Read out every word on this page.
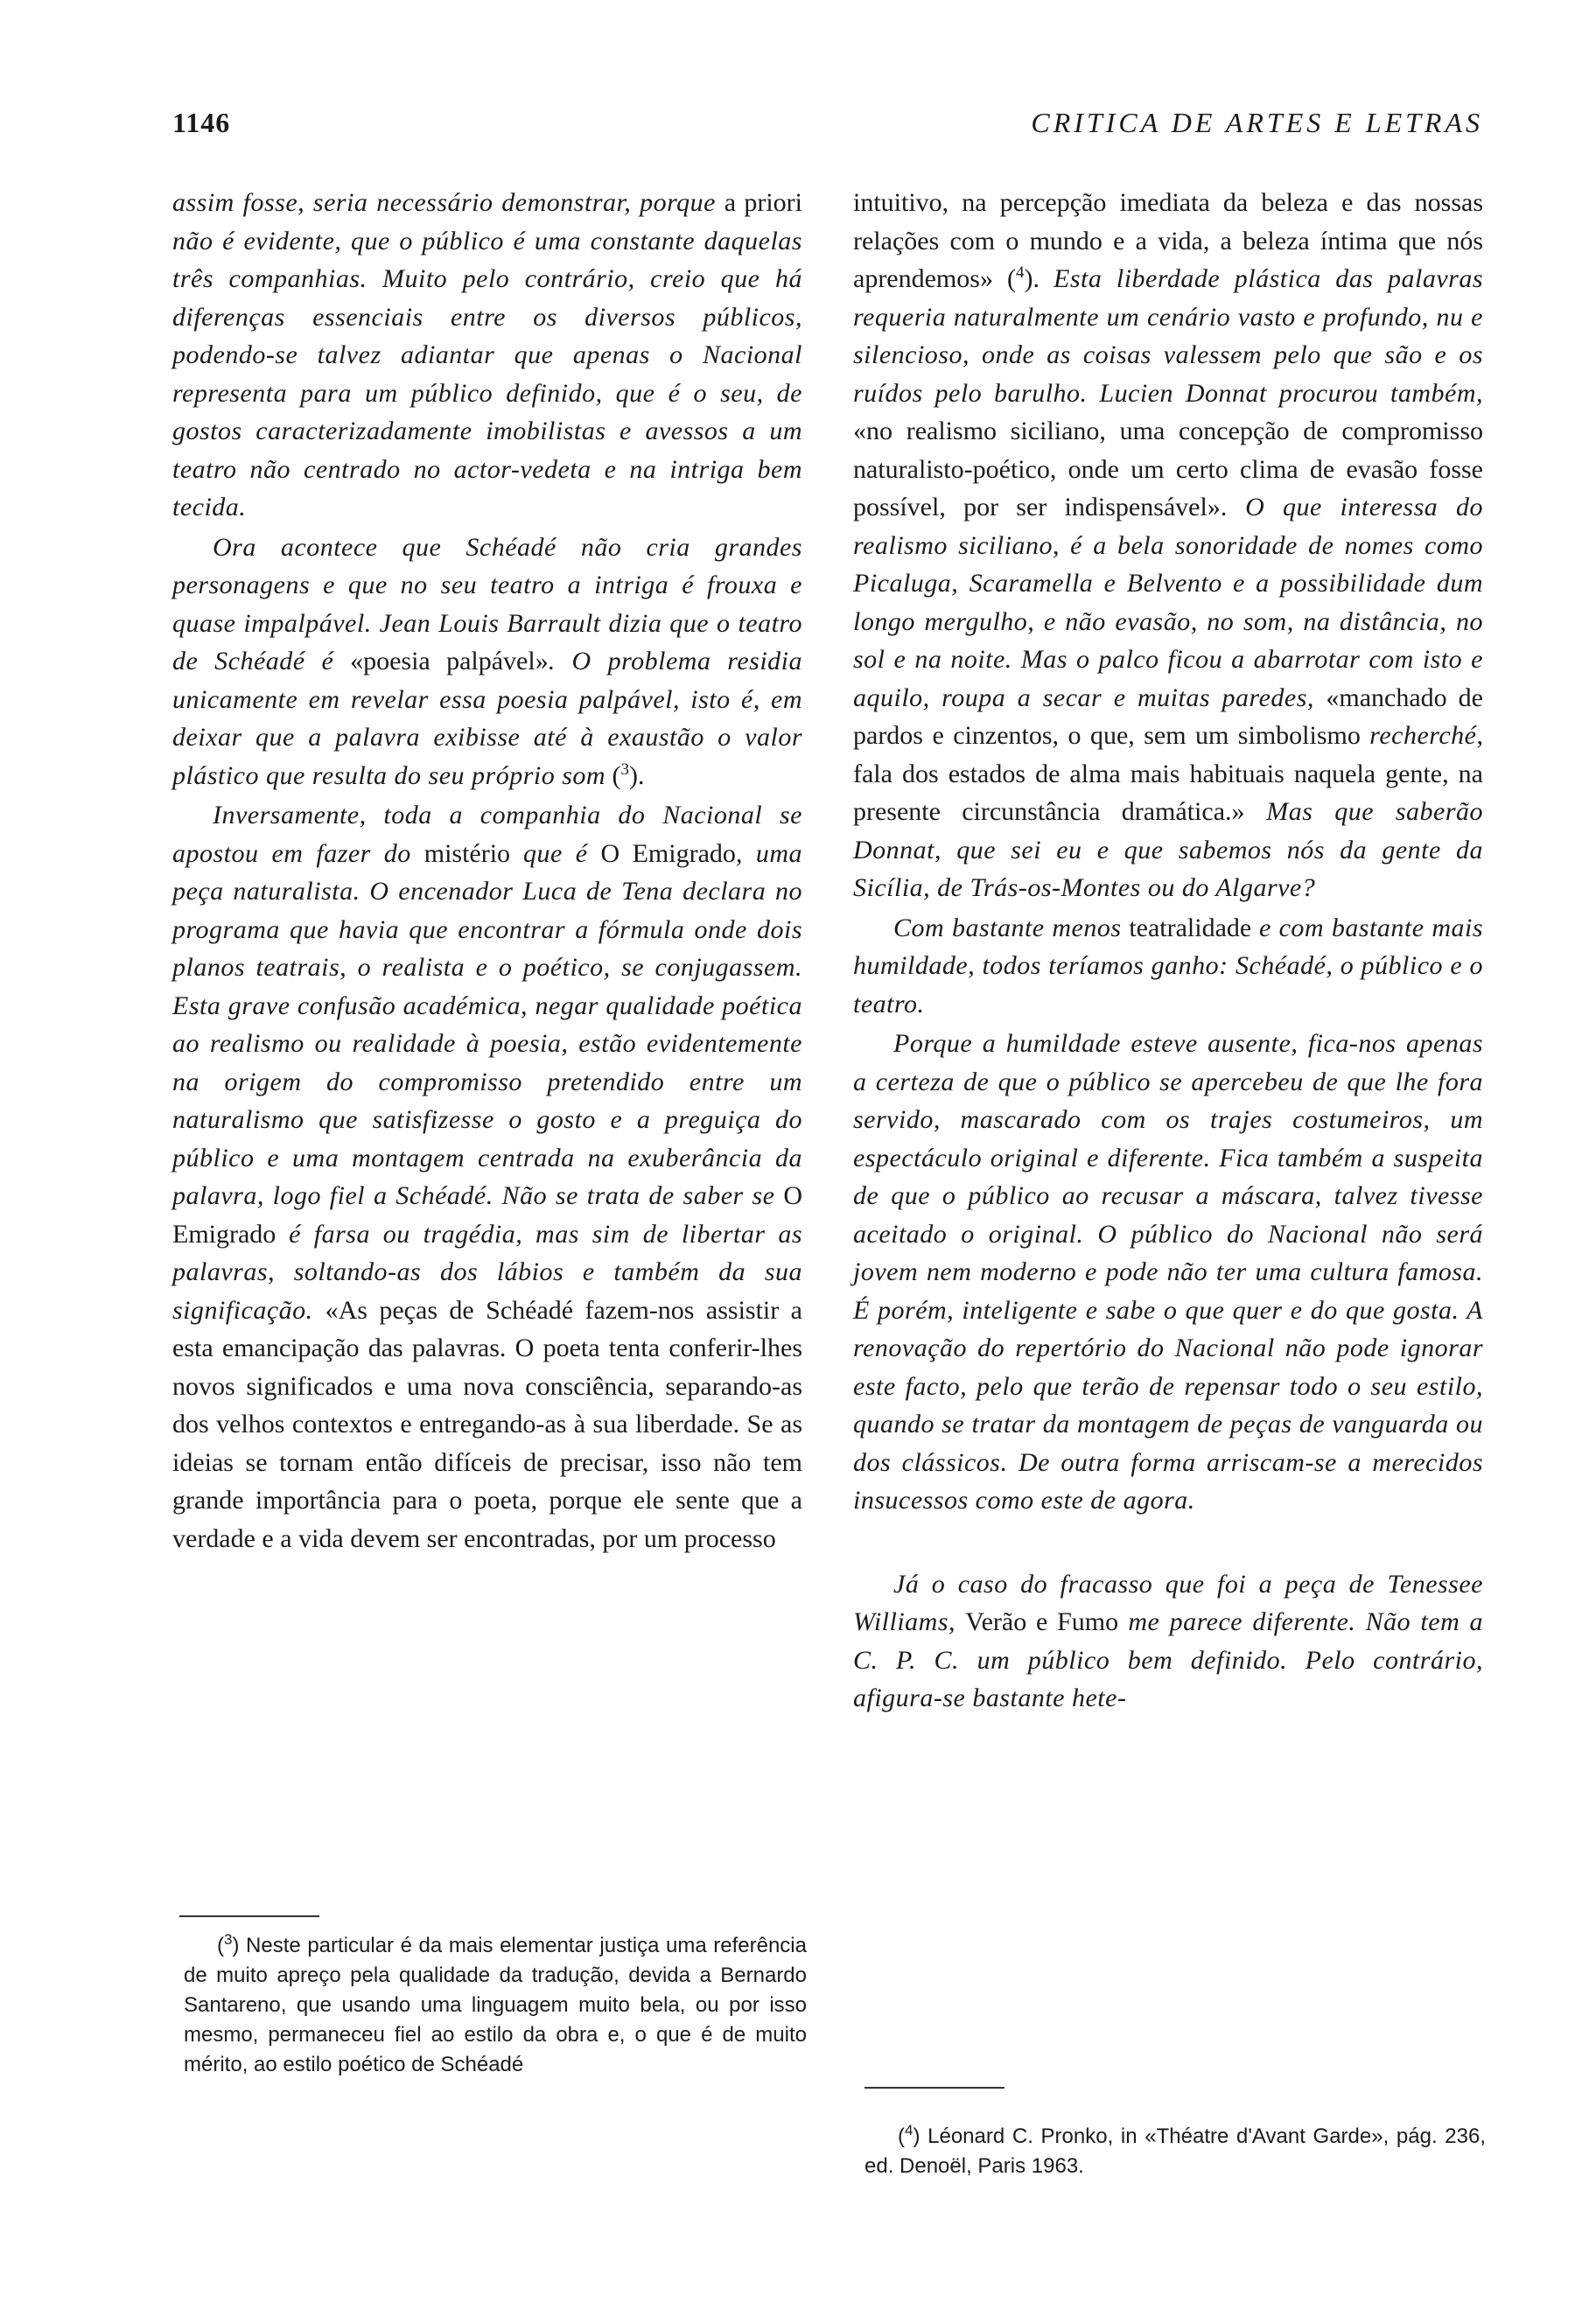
1146	CRITICA DE ARTES E LETRAS

assim fosse, seria necessário demonstrar, porque a priori não é evidente, que o público é uma constante daquelas três companhias. Muito pelo contrário, creio que há diferenças essenciais entre os diversos públicos, podendo-se talvez adiantar que apenas o Nacional representa para um público definido, que é o seu, de gostos caracterizadamente imobilistas e avessos a um teatro não centrado no actor-vedeta e na intriga bem tecida.

Ora acontece que Schéadé não cria grandes personagens e que no seu teatro a intriga é frouxa e quase impalpável. Jean Louis Barrault dizia que o teatro de Schéadé é «poesia palpável». O problema residia unicamente em revelar essa poesia palpável, isto é, em deixar que a palavra exibisse até à exaustão o valor plástico que resulta do seu próprio som ($^3$).

Inversamente, toda a companhia do Nacional se apostou em fazer do mistério que é O Emigrado, uma peça naturalista. O encenador Luca de Tena declara no programa que havia que encontrar a fórmula onde dois planos teatrais, o realista e o poético, se conjugassem. Esta grave confusão académica, negar qualidade poética ao realismo ou realidade à poesia, estão evidentemente na origem do compromisso pretendido entre um naturalismo que satisfizesse o gosto e a preguiça do público e uma montagem centrada na exuberância da palavra, logo fiel a Schéadé. Não se trata de saber se O Emigrado é farsa ou tragédia, mas sim de libertar as palavras, soltando-as dos lábios e também da sua significação. «As peças de Schéadé fazem-nos assistir a esta emancipação das palavras. O poeta tenta conferir-lhes novos significados e uma nova consciência, separando-as dos velhos contextos e entregando-as à sua liberdade. Se as ideias se tornam então difíceis de precisar, isso não tem grande importância para o poeta, porque ele sente que a verdade e a vida devem ser encontradas, por um processo

intuitivo, na percepção imediata da beleza e das nossas relações com o mundo e a vida, a beleza íntima que nós aprendemos» ($^4$). Esta liberdade plástica das palavras requeria naturalmente um cenário vasto e profundo, nu e silencioso, onde as coisas valessem pelo que são e os ruídos pelo barulho. Lucien Donnat procurou também, «no realismo siciliano, uma concepção de compromisso naturalisto-poético, onde um certo clima de evasão fosse possível, por ser indispensável». O que interessa do realismo siciliano, é a bela sonoridade de nomes como Picaluga, Scaramella e Belvento e a possibilidade dum longo mergulho, e não evasão, no som, na distância, no sol e na noite. Mas o palco ficou a abarrotar com isto e aquilo, roupa a secar e muitas paredes, «manchado de pardos e cinzentos, o que, sem um simbolismo recherché, fala dos estados de alma mais habituais naquela gente, na presente circunstância dramática.» Mas que saberão Donnat, que sei eu e que sabemos nós da gente da Sicília, de Trás-os-Montes ou do Algarve?

Com bastante menos teatralidade e com bastante mais humildade, todos teríamos ganho: Schéadé, o público e o teatro.

Porque a humildade esteve ausente, fica-nos apenas a certeza de que o público se apercebeu de que lhe fora servido, mascarado com os trajes costumeiros, um espectáculo original e diferente. Fica também a suspeita de que o público ao recusar a máscara, talvez tivesse aceitado o original. O público do Nacional não será jovem nem moderno e pode não ter uma cultura famosa. É porém, inteligente e sabe o que quer e do que gosta. A renovação do repertório do Nacional não pode ignorar este facto, pelo que terão de repensar todo o seu estilo, quando se tratar da montagem de peças de vanguarda ou dos clássicos. De outra forma arriscam-se a merecidos insucessos como este de agora.

Já o caso do fracasso que foi a peça de Tenessee Williams, Verão e Fumo me parece diferente. Não tem a C. P. C. um público bem definido. Pelo contrário, afigura-se bastante hete-

($^3$) Neste particular é da mais elementar justiça uma referência de muito apreço pela qualidade da tradução, devida a Bernardo Santareno, que usando uma linguagem muito bela, ou por isso mesmo, permaneceu fiel ao estilo da obra e, o que é de muito mérito, ao estilo poético de Schéadé
($^4$) Léonard C. Pronko, in «Théatre d'Avant Garde», pág. 236, ed. Denoël, Paris 1963.
